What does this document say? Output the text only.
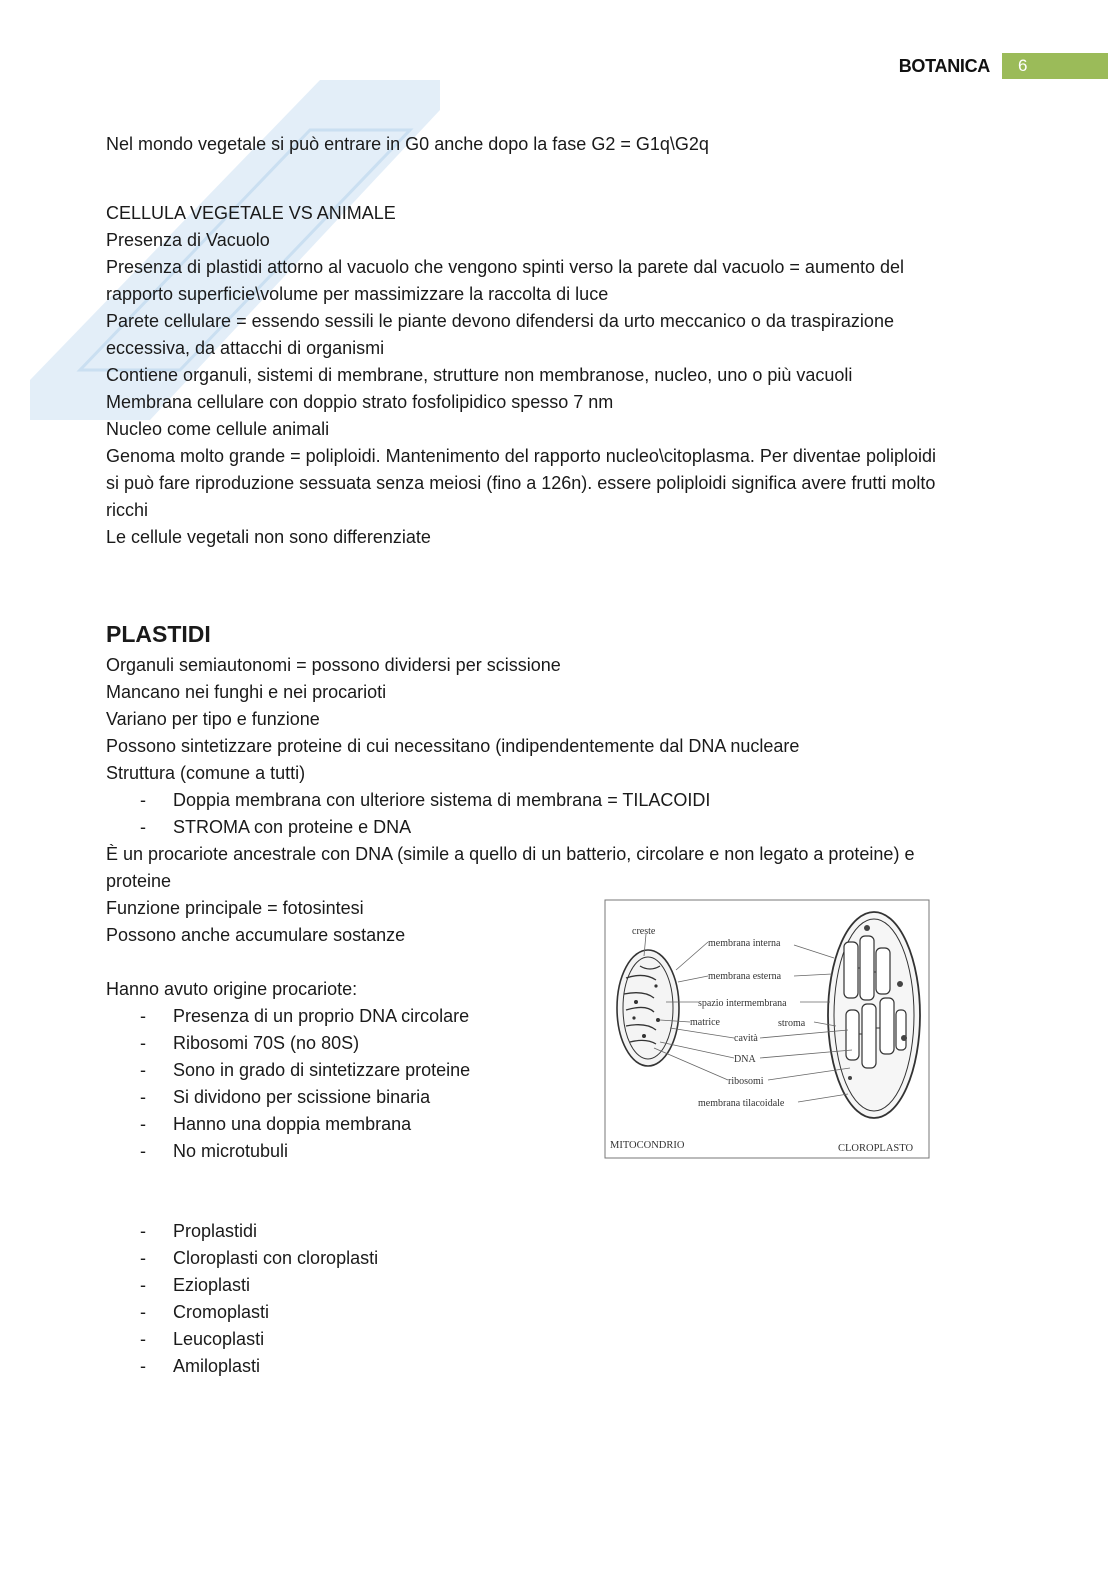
BOTANICA	6
Nel mondo vegetale si può entrare in G0 anche dopo la fase G2 = G1q\G2q
CELLULA VEGETALE VS ANIMALE
Presenza di Vacuolo
Presenza di plastidi attorno al vacuolo che vengono spinti verso la parete dal vacuolo = aumento del
rapporto superficie\volume per massimizzare la raccolta di luce
Parete cellulare = essendo sessili le piante devono difendersi da urto meccanico o da traspirazione
eccessiva, da attacchi di organismi
Contiene organuli, sistemi di membrane, strutture non membranose, nucleo, uno o più vacuoli
Membrana cellulare con doppio strato fosfolipidico spesso 7 nm
Nucleo come cellule animali
Genoma molto grande = poliploidi. Mantenimento del rapporto nucleo\citoplasma. Per diventae poliploidi
si può fare riproduzione sessuata senza meiosi (fino a 126n). essere poliploidi significa avere frutti molto
ricchi
Le cellule vegetali non sono differenziate
PLASTIDI
Organuli semiautonomi = possono dividersi per scissione
Mancano nei funghi e nei procarioti
Variano per tipo e funzione
Possono sintetizzare proteine di cui necessitano (indipendentemente dal DNA nucleare
Struttura (comune a tutti)
- Doppia membrana con ulteriore sistema di membrana = TILACOIDI
- STROMA con proteine e DNA
È un procariote ancestrale con DNA (simile a quello di un batterio, circolare e non legato a proteine) e
proteine
Funzione principale = fotosintesi
Possono anche accumulare sostanze
Hanno avuto origine procariote:
- Presenza di un proprio DNA circolare
- Ribosomi 70S (no 80S)
- Sono in grado di sintetizzare proteine
- Si dividono per scissione binaria
- Hanno una doppia membrana
- No microtubuli
- Proplastidi
- Cloroplasti con cloroplasti
- Ezioplasti
- Cromoplasti
- Leucoplasti
- Amiloplasti
creste
membrana interna
membrana esterna
spazio intermembrana
matrice	stroma
cavità
DNA
ribosomi
membrana tilacoidale
MITOCONDRIO	CLOROPLASTO
